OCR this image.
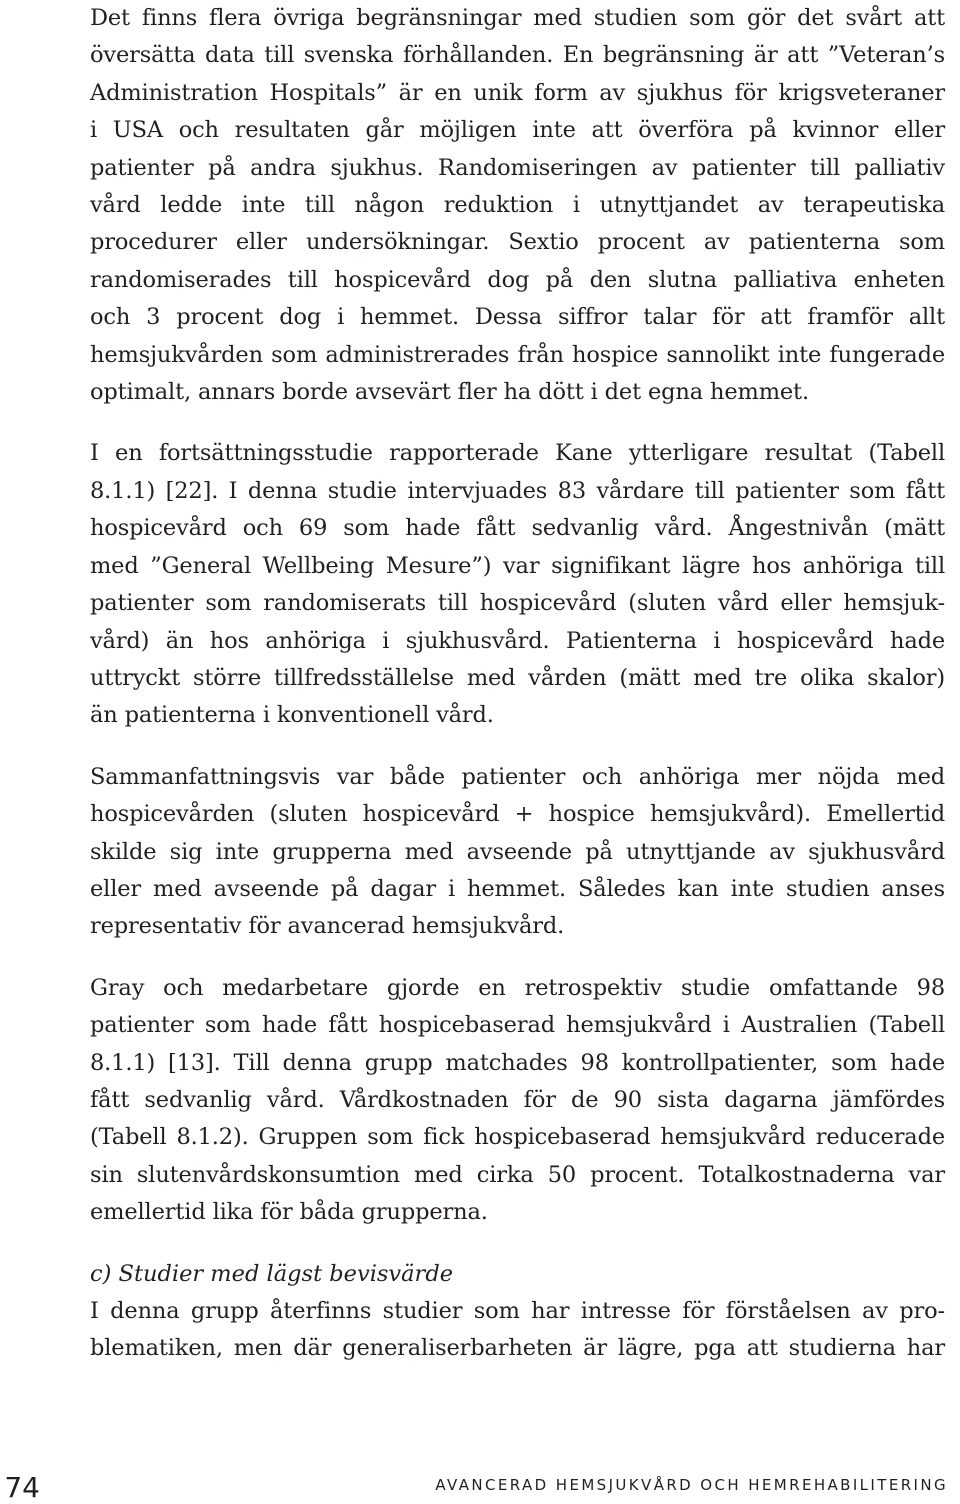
Det finns flera övriga begränsningar med studien som gör det svårt att
översätta data till svenska förhållanden. En begränsning är att ”Veteran’s
Administration Hospitals” är en unik form av sjukhus för krigsveteraner
i USA och resultaten går möjligen inte att överföra på kvinnor eller
patienter på andra sjukhus. Randomiseringen av patienter till palliativ
vård ledde inte till någon reduktion i utnyttjandet av terapeutiska
procedurer eller undersökningar. Sextio procent av patienterna som
randomiserades till hospicevård dog på den slutna palliativa enheten
och 3 procent dog i hemmet. Dessa siffror talar för att framför allt
hemsjukvården som administrerades från hospice sannolikt inte fungerade
optimalt, annars borde avsevärt fler ha dött i det egna hemmet.
I en fortsättningsstudie rapporterade Kane ytterligare resultat (Tabell
8.1.1) [22]. I denna studie intervjuades 83 vårdare till patienter som fått
hospicevård och 69 som hade fått sedvanlig vård. Ångestnivån (mätt
med ”General Wellbeing Mesure”) var signifikant lägre hos anhöriga till
patienter som randomiserats till hospicevård (sluten vård eller hemsjuk-
vård) än hos anhöriga i sjukhusvård. Patienterna i hospicevård hade
uttryckt större tillfredsställelse med vården (mätt med tre olika skalor)
än patienterna i konventionell vård.
Sammanfattningsvis var både patienter och anhöriga mer nöjda med
hospicevården (sluten hospicevård + hospice hemsjukvård). Emellertid
skilde sig inte grupperna med avseende på utnyttjande av sjukhusvård
eller med avseende på dagar i hemmet. Således kan inte studien anses
representativ för avancerad hemsjukvård.
Gray och medarbetare gjorde en retrospektiv studie omfattande 98
patienter som hade fått hospicebaserad hemsjukvård i Australien (Tabell
8.1.1) [13]. Till denna grupp matchades 98 kontrollpatienter, som hade
fått sedvanlig vård. Vårdkostnaden för de 90 sista dagarna jämfördes
(Tabell 8.1.2). Gruppen som fick hospicebaserad hemsjukvård reducerade
sin slutenvårdskonsumtion med cirka 50 procent. Totalkostnaderna var
emellertid lika för båda grupperna.

c) Studier med lägst bevisvärde

I denna grupp återfinns studier som har intresse för förståelsen av pro-
blematiken, men där generaliserbarheten är lägre, pga att studierna har
74	AVANCERAD HEMSJUKVÅRD OCH HEMREHABILITERING
